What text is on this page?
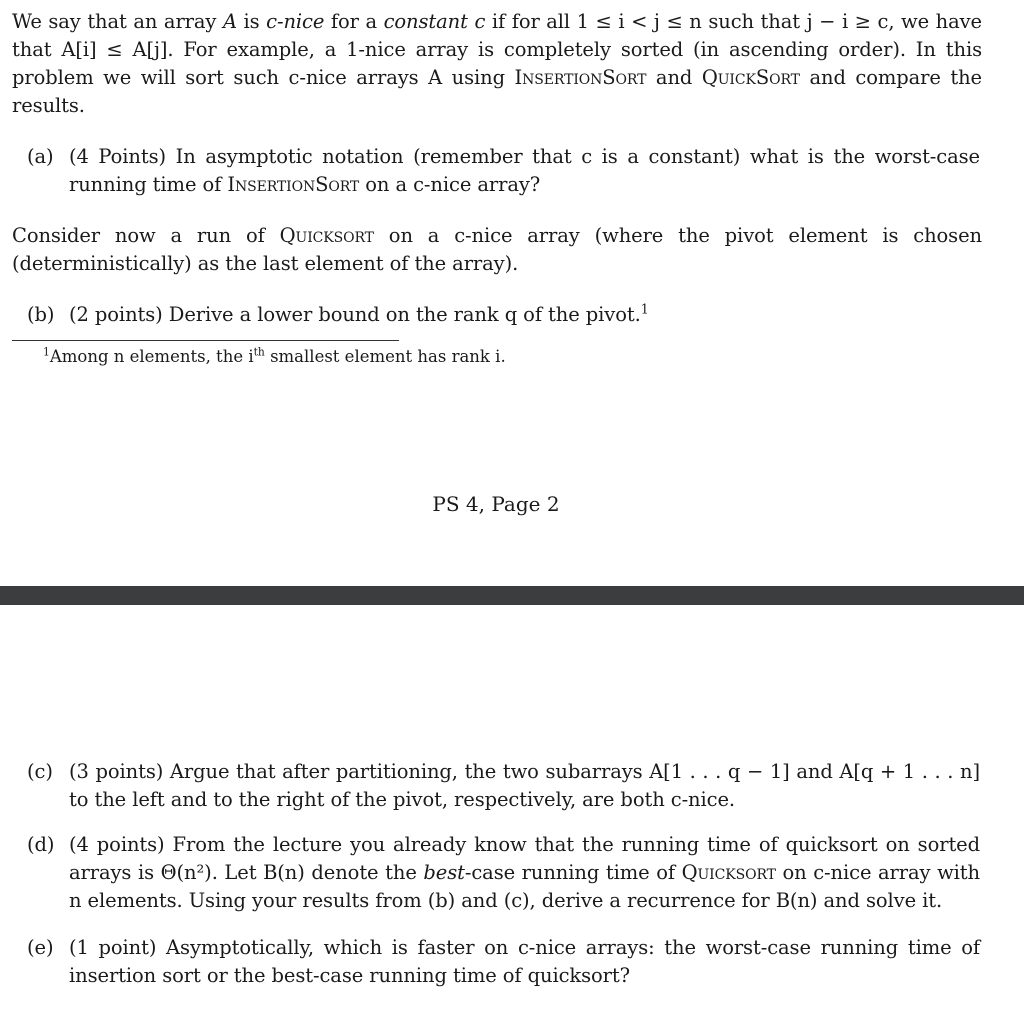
We say that an array A is c-nice for a constant c if for all 1 ≤ i < j ≤ n such that j − i ≥ c, we have that A[i] ≤ A[j]. For example, a 1-nice array is completely sorted (in ascending order). In this problem we will sort such c-nice arrays A using InsertionSort and QuickSort and compare the results.

(a) (4 Points) In asymptotic notation (remember that c is a constant) what is the worst-case running time of InsertionSort on a c-nice array?

Consider now a run of Quicksort on a c-nice array (where the pivot element is chosen (deterministically) as the last element of the array).

(b) (2 points) Derive a lower bound on the rank q of the pivot.$^1$

$^1$Among n elements, the $i^{th}$ smallest element has rank i.
PS 4, Page 2
(c) (3 points) Argue that after partitioning, the two subarrays A[1 . . . q − 1] and A[q + 1 . . . n] to the left and to the right of the pivot, respectively, are both c-nice.

(d) (4 points) From the lecture you already know that the running time of quicksort on sorted arrays is Θ(n²). Let B(n) denote the best-case running time of Quicksort on c-nice array with n elements. Using your results from (b) and (c), derive a recurrence for B(n) and solve it.

(e) (1 point) Asymptotically, which is faster on c-nice arrays: the worst-case running time of insertion sort or the best-case running time of quicksort?
